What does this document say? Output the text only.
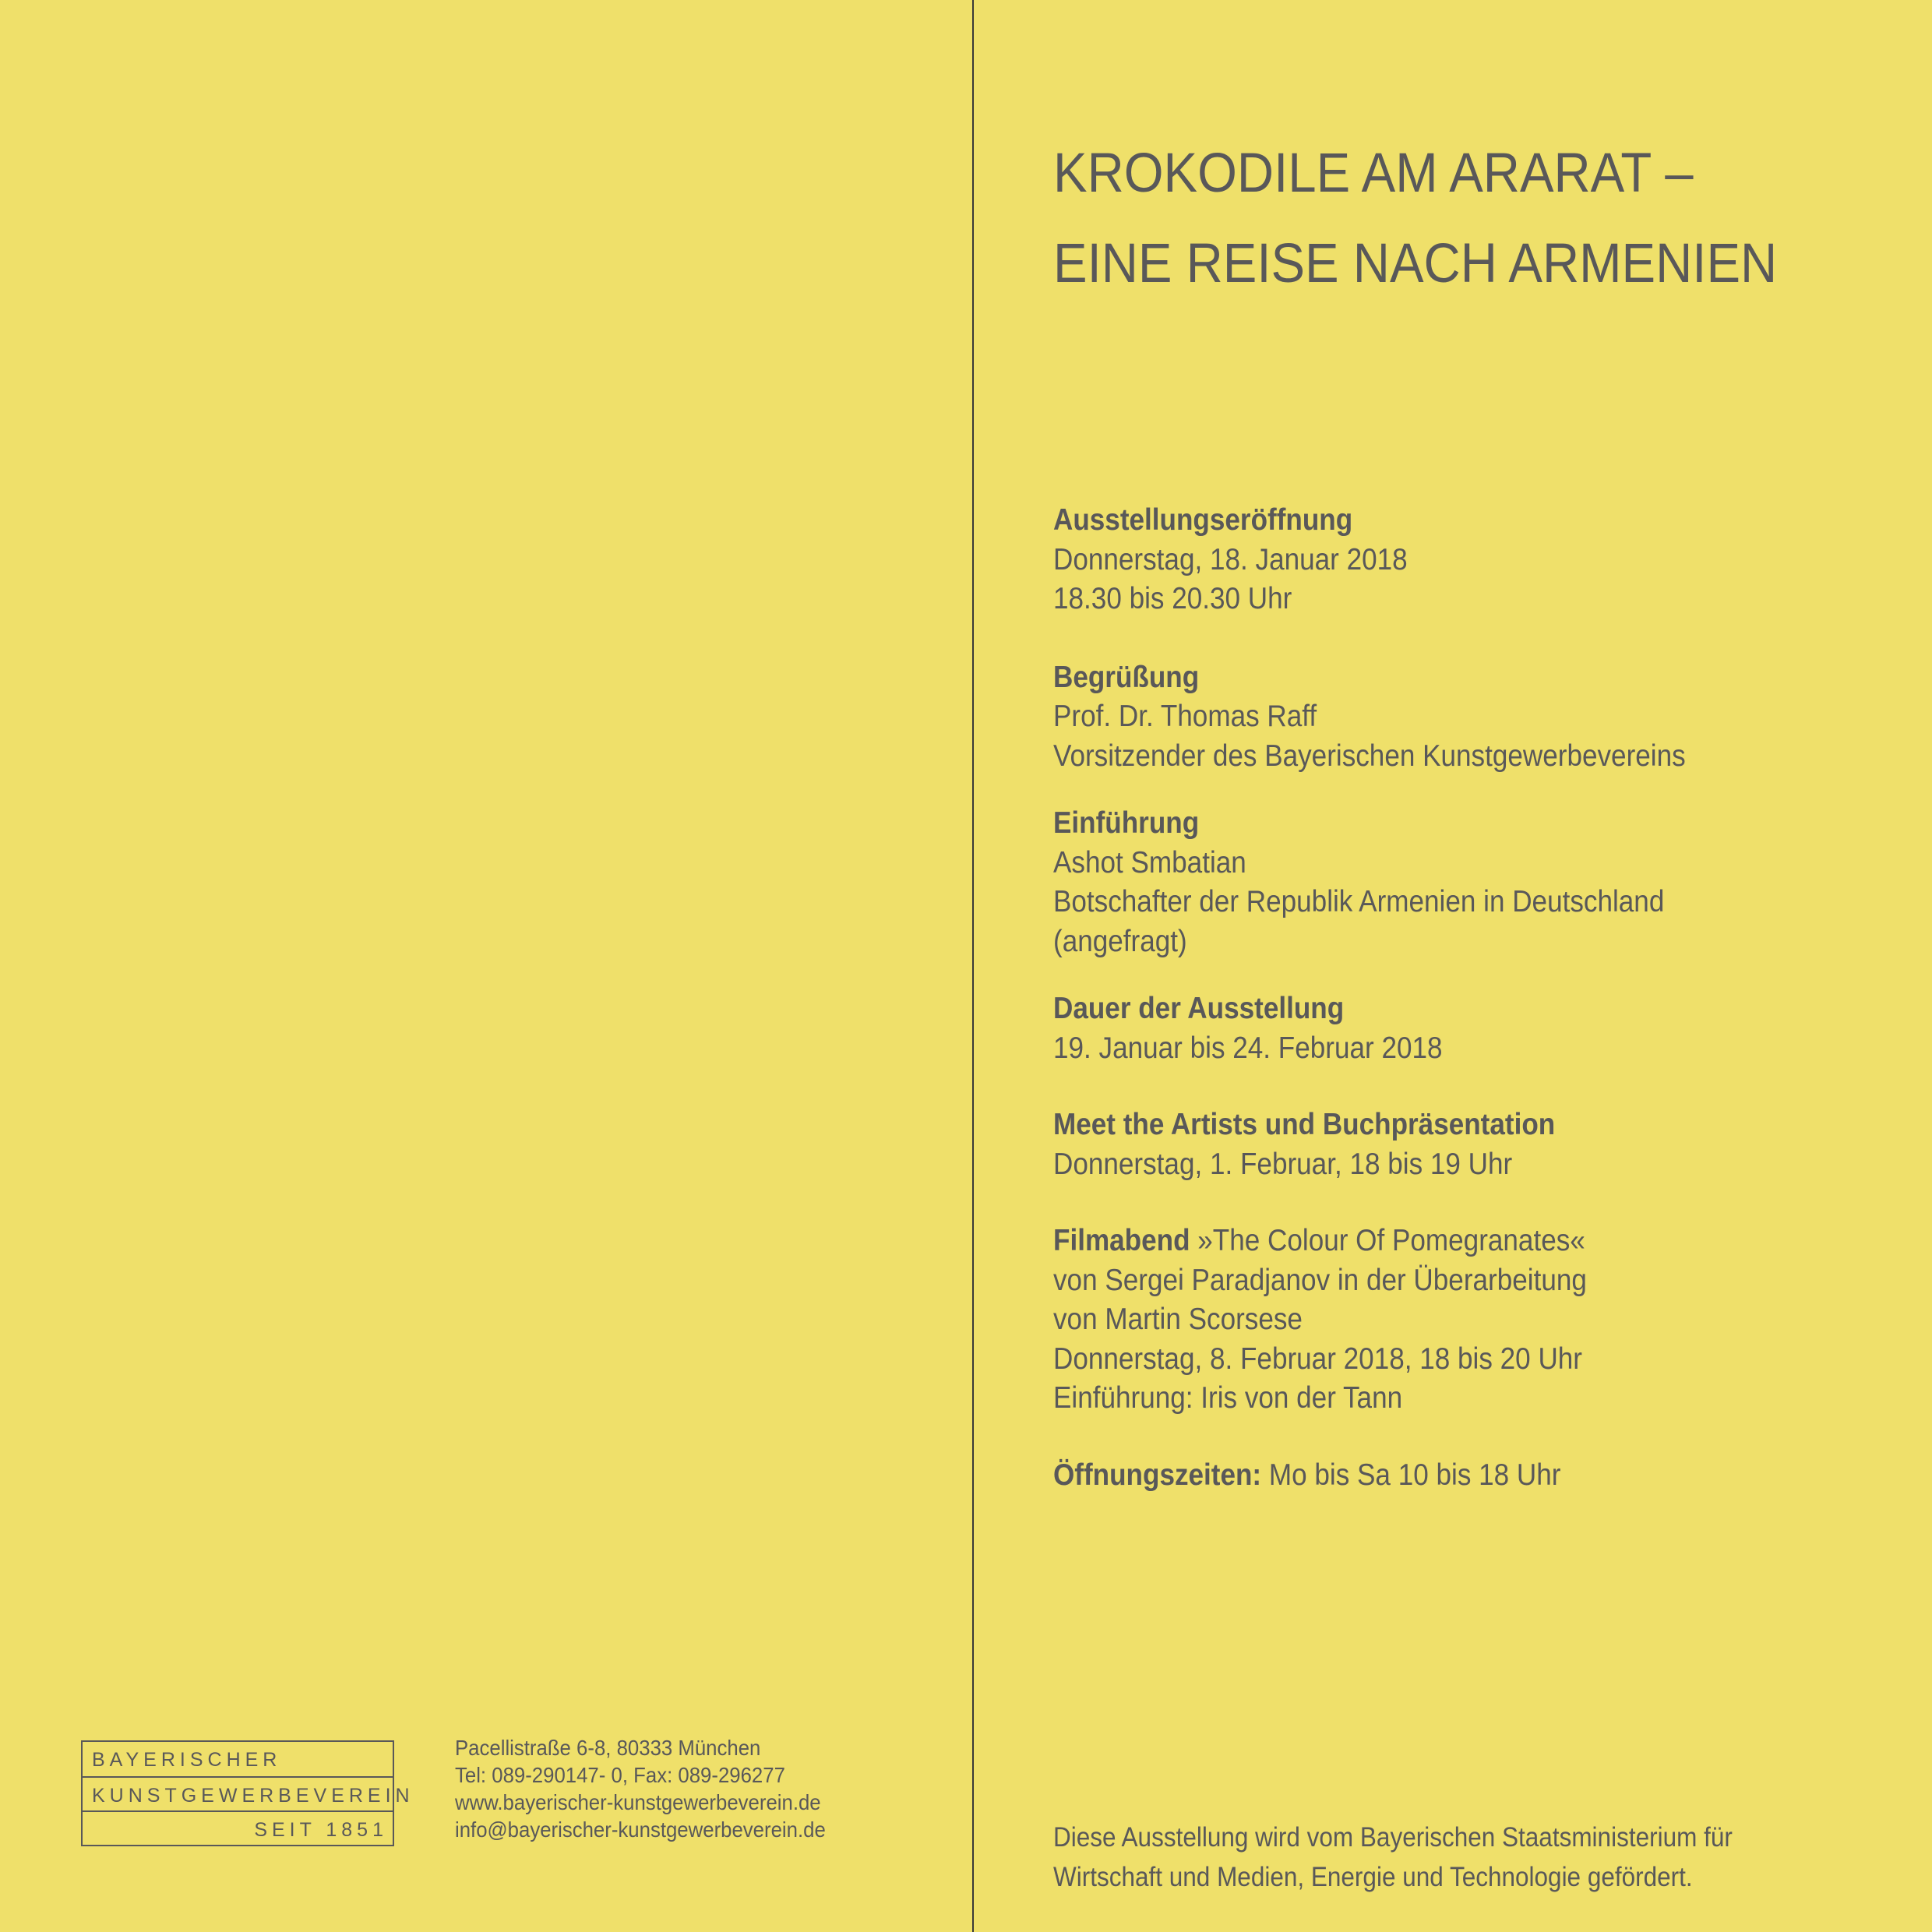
BAYERISCHER
KUNSTGEWERBEVEREIN
SEIT 1851
Pacellistraße 6-8, 80333 München
Tel: 089-290147- 0, Fax: 089-296277
www.bayerischer-kunstgewerbeverein.de
info@bayerischer-kunstgewerbeverein.de
KROKODILE AM ARARAT –
EINE REISE NACH ARMENIEN
Ausstellungseröffnung
Donnerstag, 18. Januar 2018
18.30 bis 20.30 Uhr
Begrüßung
Prof. Dr. Thomas Raff
Vorsitzender des Bayerischen Kunstgewerbevereins
Einführung
Ashot Smbatian
Botschafter der Republik Armenien in Deutschland
(angefragt)
Dauer der Ausstellung
19. Januar bis 24. Februar 2018
Meet the Artists und Buchpräsentation
Donnerstag, 1. Februar, 18 bis 19 Uhr
Filmabend »The Colour Of Pomegranates«
von Sergei Paradjanov in der Überarbeitung
von Martin Scorsese
Donnerstag, 8. Februar 2018, 18 bis 20 Uhr
Einführung: Iris von der Tann
Öffnungszeiten: Mo bis Sa 10 bis 18 Uhr
Diese Ausstellung wird vom Bayerischen Staatsministerium für
Wirtschaft und Medien, Energie und Technologie gefördert.
